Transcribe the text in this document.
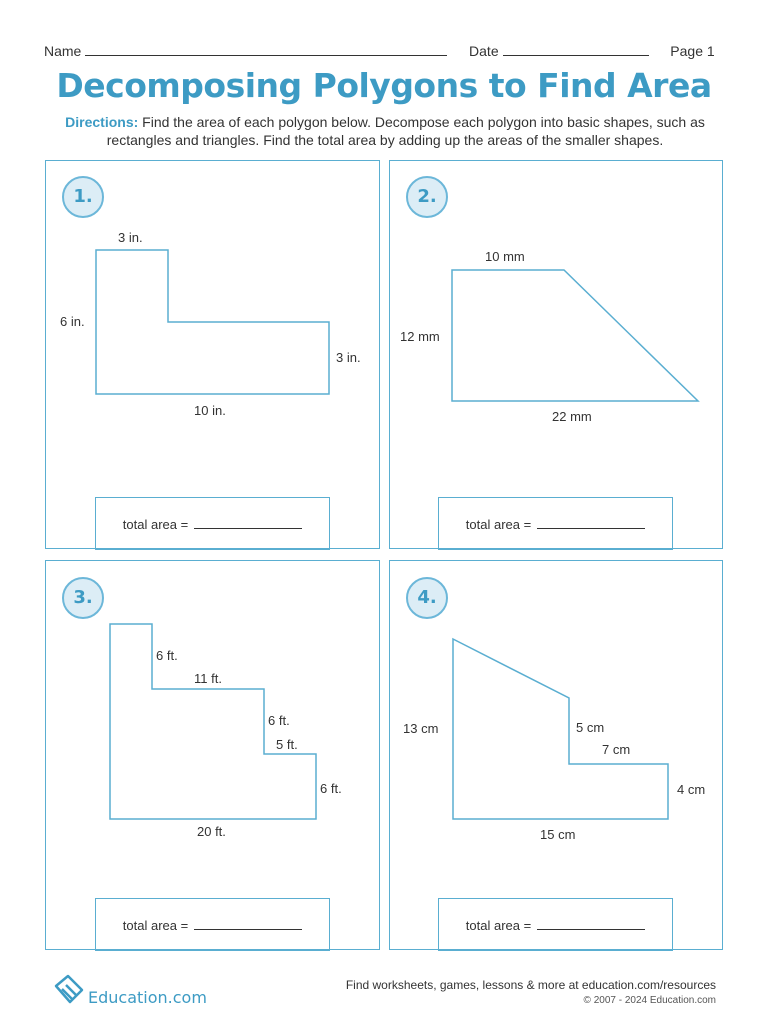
Name	Date	Page 1
Decomposing Polygons to Find Area
Directions: Find the area of each polygon below. Decompose each polygon into basic shapes, such as rectangles and triangles. Find the total area by adding up the areas of the smaller shapes.
1.
3 in.
6 in.
3 in.
10 in.
total area =
2.
10 mm
12 mm
22 mm
total area =
3.
6 ft.
11 ft.
6 ft.
5 ft.
6 ft.
20 ft.
total area =
4.
13 cm	5 cm
7 cm
4 cm
15 cm
total area =
Education.com
Find worksheets, games, lessons & more at education.com/resources
© 2007 - 2024 Education.com
